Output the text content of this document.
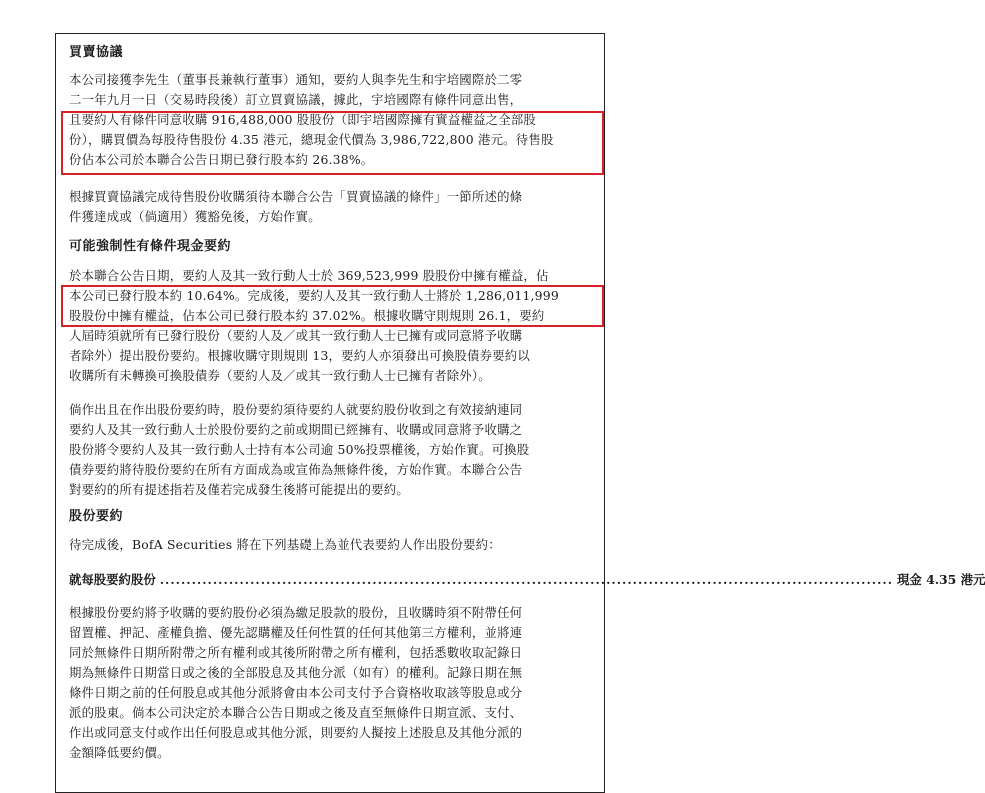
買賣協議

本公司接獲李先生（董事長兼執行董事）通知，要約人與李先生和宇培國際於二零
二一年九月一日（交易時段後）訂立買賣協議，據此，宇培國際有條件同意出售，
且要約人有條件同意收購 916,488,000 股股份（即宇培國際擁有實益權益之全部股
份），購買價為每股待售股份 4.35 港元，總現金代價為 3,986,722,800 港元。待售股
份佔本公司於本聯合公告日期已發行股本約 26.38%。

根據買賣協議完成待售股份收購須待本聯合公告「買賣協議的條件」一節所述的條
件獲達成或（倘適用）獲豁免後，方始作實。

可能強制性有條件現金要約

於本聯合公告日期，要約人及其一致行動人士於 369,523,999 股股份中擁有權益，佔
本公司已發行股本約 10.64%。完成後，要約人及其一致行動人士將於 1,286,011,999
股股份中擁有權益，佔本公司已發行股本約 37.02%。根據收購守則規則 26.1，要約
人屆時須就所有已發行股份（要約人及／或其一致行動人士已擁有或同意將予收購
者除外）提出股份要約。根據收購守則規則 13，要約人亦須發出可換股債券要約以
收購所有未轉換可換股債券（要約人及／或其一致行動人士已擁有者除外）。

倘作出且在作出股份要約時，股份要約須待要約人就要約股份收到之有效接納連同
要約人及其一致行動人士於股份要約之前或期間已經擁有、收購或同意將予收購之
股份將令要約人及其一致行動人士持有本公司逾 50%投票權後，方始作實。可換股
債券要約將待股份要約在所有方面成為或宣佈為無條件後，方始作實。本聯合公告
對要約的所有提述指若及僅若完成發生後將可能提出的要約。

股份要約

待完成後，BofA Securities 將在下列基礎上為並代表要約人作出股份要約：

就每股要約股份 .......................................................................................................................................... 現金 4.35 港元

根據股份要約將予收購的要約股份必須為繳足股款的股份，且收購時須不附帶任何
留置權、押記、產權負擔、優先認購權及任何性質的任何其他第三方權利，並將連
同於無條件日期所附帶之所有權利或其後所附帶之所有權利，包括悉數收取記錄日
期為無條件日期當日或之後的全部股息及其他分派（如有）的權利。記錄日期在無
條件日期之前的任何股息或其他分派將會由本公司支付予合資格收取該等股息或分
派的股東。倘本公司決定於本聯合公告日期或之後及直至無條件日期宣派、支付、
作出或同意支付或作出任何股息或其他分派，則要約人擬按上述股息及其他分派的
金額降低要約價。
